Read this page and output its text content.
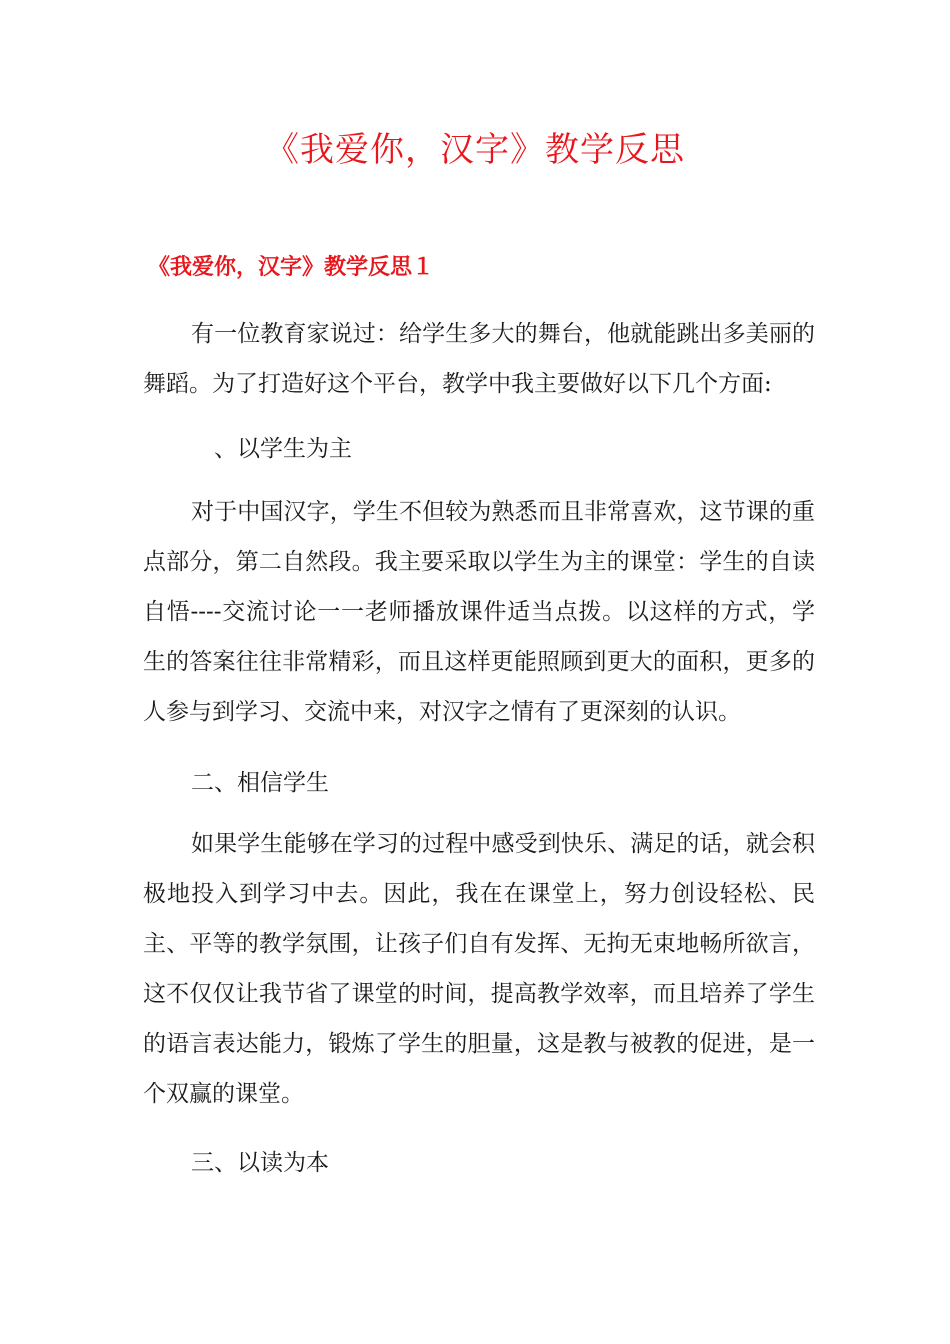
《我爱你，汉字》教学反思
《我爱你，汉字》教学反思１

有一位教育家说过：给学生多大的舞台，他就能跳出多美丽的舞蹈。为了打造好这个平台，教学中我主要做好以下几个方面:

、以学生为主

对于中国汉字，学生不但较为熟悉而且非常喜欢，这节课的重点部分，第二自然段。我主要采取以学生为主的课堂：学生的自读自悟----交流讨论一一老师播放课件适当点拨。以这样的方式，学生的答案往往非常精彩，而且这样更能照顾到更大的面积，更多的人参与到学习、交流中来，对汉字之情有了更深刻的认识。

二、相信学生

如果学生能够在学习的过程中感受到快乐、满足的话，就会积极地投入到学习中去。因此，我在在课堂上，努力创设轻松、民主、平等的教学氛围，让孩子们自有发挥、无拘无束地畅所欲言，这不仅仅让我节省了课堂的时间，提高教学效率，而且培养了学生的语言表达能力，锻炼了学生的胆量，这是教与被教的促进，是一个双赢的课堂。

三、以读为本
